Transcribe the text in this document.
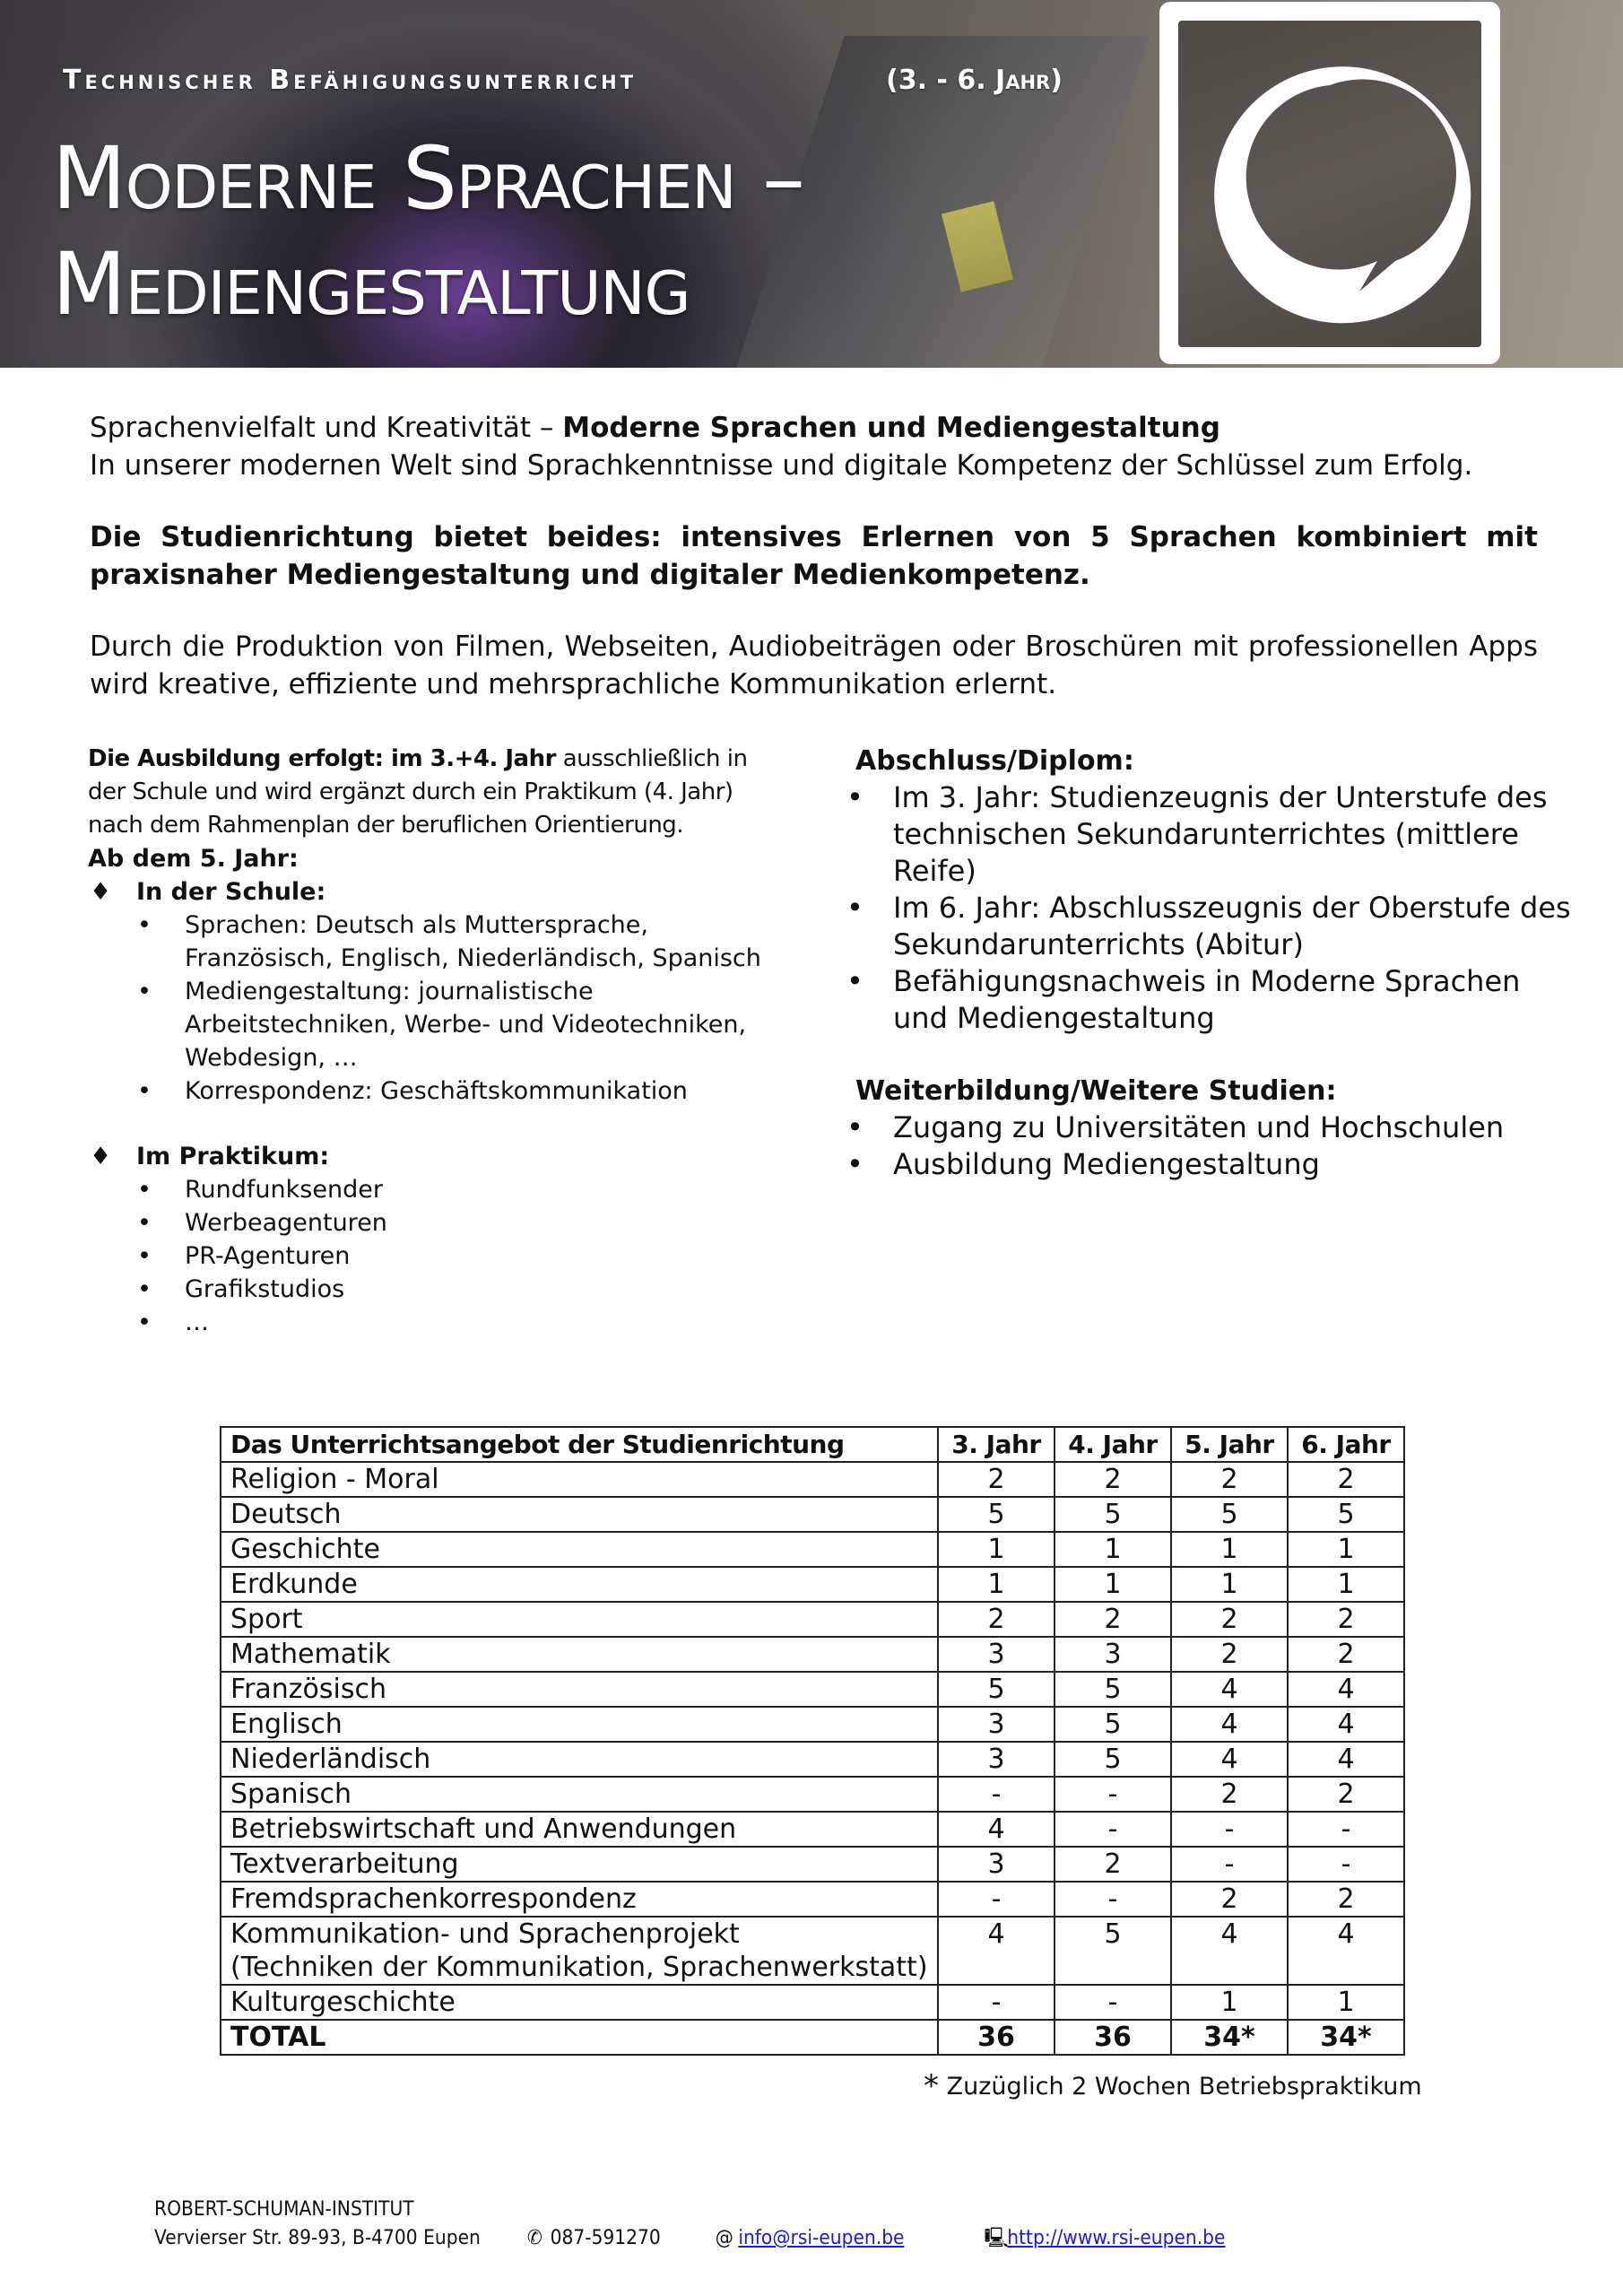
Technischer Befähigungsunterricht	(3. - 6. Jahr)
Moderne Sprachen –
Mediengestaltung

Sprachenvielfalt und Kreativität – Moderne Sprachen und Mediengestaltung

In unserer modernen Welt sind Sprachkenntnisse und digitale Kompetenz der Schlüssel zum Erfolg.

Die Studienrichtung bietet beides: intensives Erlernen von 5 Sprachen kombiniert mit praxisnaher Mediengestaltung und digitaler Medienkompetenz.

Durch die Produktion von Filmen, Webseiten, Audiobeiträgen oder Broschüren mit professionellen Apps wird kreative, effiziente und mehrsprachliche Kommunikation erlernt.

Die Ausbildung erfolgt: im 3.+4. Jahr ausschließlich in der Schule und wird ergänzt durch ein Praktikum (4. Jahr) nach dem Rahmenplan der beruflichen Orientierung.

Ab dem 5. Jahr:

♦ In der Schule:
• Sprachen: Deutsch als Muttersprache, Französisch, Englisch, Niederländisch, Spanisch
• Mediengestaltung: journalistische Arbeitstechniken, Werbe- und Videotechniken, Webdesign, …
• Korrespondenz: Geschäftskommunikation
♦ Im Praktikum:
• Rundfunksender
• Werbeagenturen
• PR-Agenturen
• Grafikstudios
• …
Abschluss/Diplom:
• Im 3. Jahr: Studienzeugnis der Unterstufe des technischen Sekundarunterrichtes (mittlere Reife)
• Im 6. Jahr: Abschlusszeugnis der Oberstufe des Sekundarunterrichts (Abitur)
• Befähigungsnachweis in Moderne Sprachen und Mediengestaltung
Weiterbildung/Weitere Studien:
• Zugang zu Universitäten und Hochschulen
• Ausbildung Mediengestaltung
Das Unterrichtsangebot der Studienrichtung	3. Jahr	4. Jahr	5. Jahr	6. Jahr

Religion - Moral	2	2	2	2

Deutsch	5	5	5	5

Geschichte	1	1	1	1

Erdkunde	1	1	1	1

Sport	2	2	2	2

Mathematik	3	3	2	2

Französisch	5	5	4	4

Englisch	3	5	4	4

Niederländisch	3	5	4	4

Spanisch	-	-	2	2

Betriebswirtschaft und Anwendungen	4	-	-	-

Textverarbeitung	3	2	-	-

Fremdsprachenkorrespondenz	-	-	2	2

Kommunikation- und Sprachenprojekt
(Techniken der Kommunikation, Sprachenwerkstatt)	4	5	4	4

Kulturgeschichte	-	-	1	1
TOTAL	36	36	34*	34*
* Zuzüglich 2 Wochen Betriebspraktikum
ROBERT-SCHUMAN-INSTITUT
Vervierser Str. 89-93, B-4700 Eupen ✆ 087-591270	@ info@rsi-eupen.be	🖳
http://www.rsi-eupen.be
